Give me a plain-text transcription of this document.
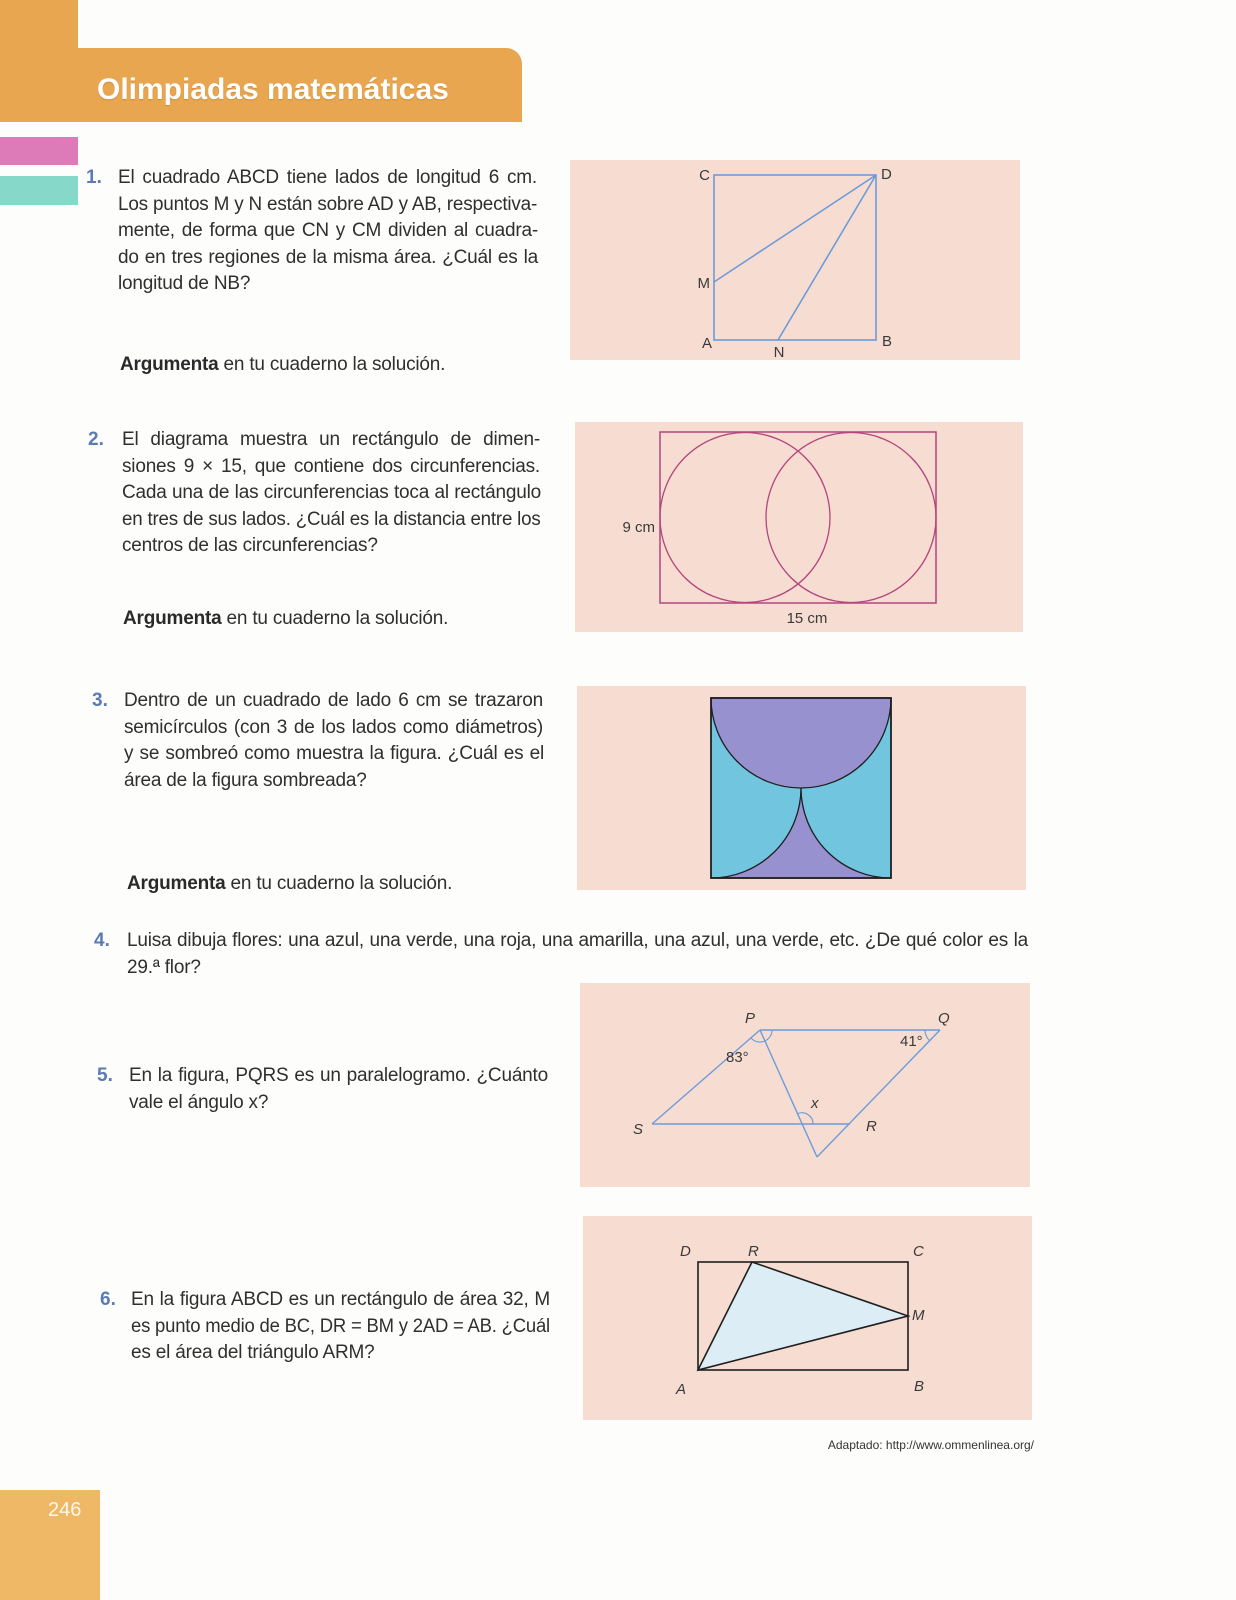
Olimpiadas matemáticas
1. El cuadrado ABCD tiene lados de longitud 6 cm.
Los puntos M y N están sobre AD y AB, respectiva-
mente, de forma que CN y CM dividen al cuadra-
do en tres regiones de la misma área. ¿Cuál es la
longitud de NB?
Argumenta en tu cuaderno la solución.
C	D
M
A
N
B
2. El diagrama muestra un rectángulo de dimen-
siones 9 × 15, que contiene dos circunferencias.
Cada una de las circunferencias toca al rectángulo
en tres de sus lados. ¿Cuál es la distancia entre los
centros de las circunferencias?
Argumenta en tu cuaderno la solución.
9 cm
15 cm
3. Dentro de un cuadrado de lado 6 cm se trazaron
semicírculos (con 3 de los lados como diámetros)
y se sombreó como muestra la figura. ¿Cuál es el
área de la figura sombreada?
Argumenta en tu cuaderno la solución.
4. Luisa dibuja flores: una azul, una verde, una roja, una amarilla, una azul, una verde, etc. ¿De qué color es la
29.ª flor?
P	Q
83°
41°
x
S	R
5. En la figura, PQRS es un paralelogramo. ¿Cuánto
vale el ángulo x?
D	R	C
M
A	B
6. En la figura ABCD es un rectángulo de área 32, M
es punto medio de BC, DR = BM y 2AD = AB. ¿Cuál
es el área del triángulo ARM?
Adaptado: http://www.ommenlinea.org/
246
